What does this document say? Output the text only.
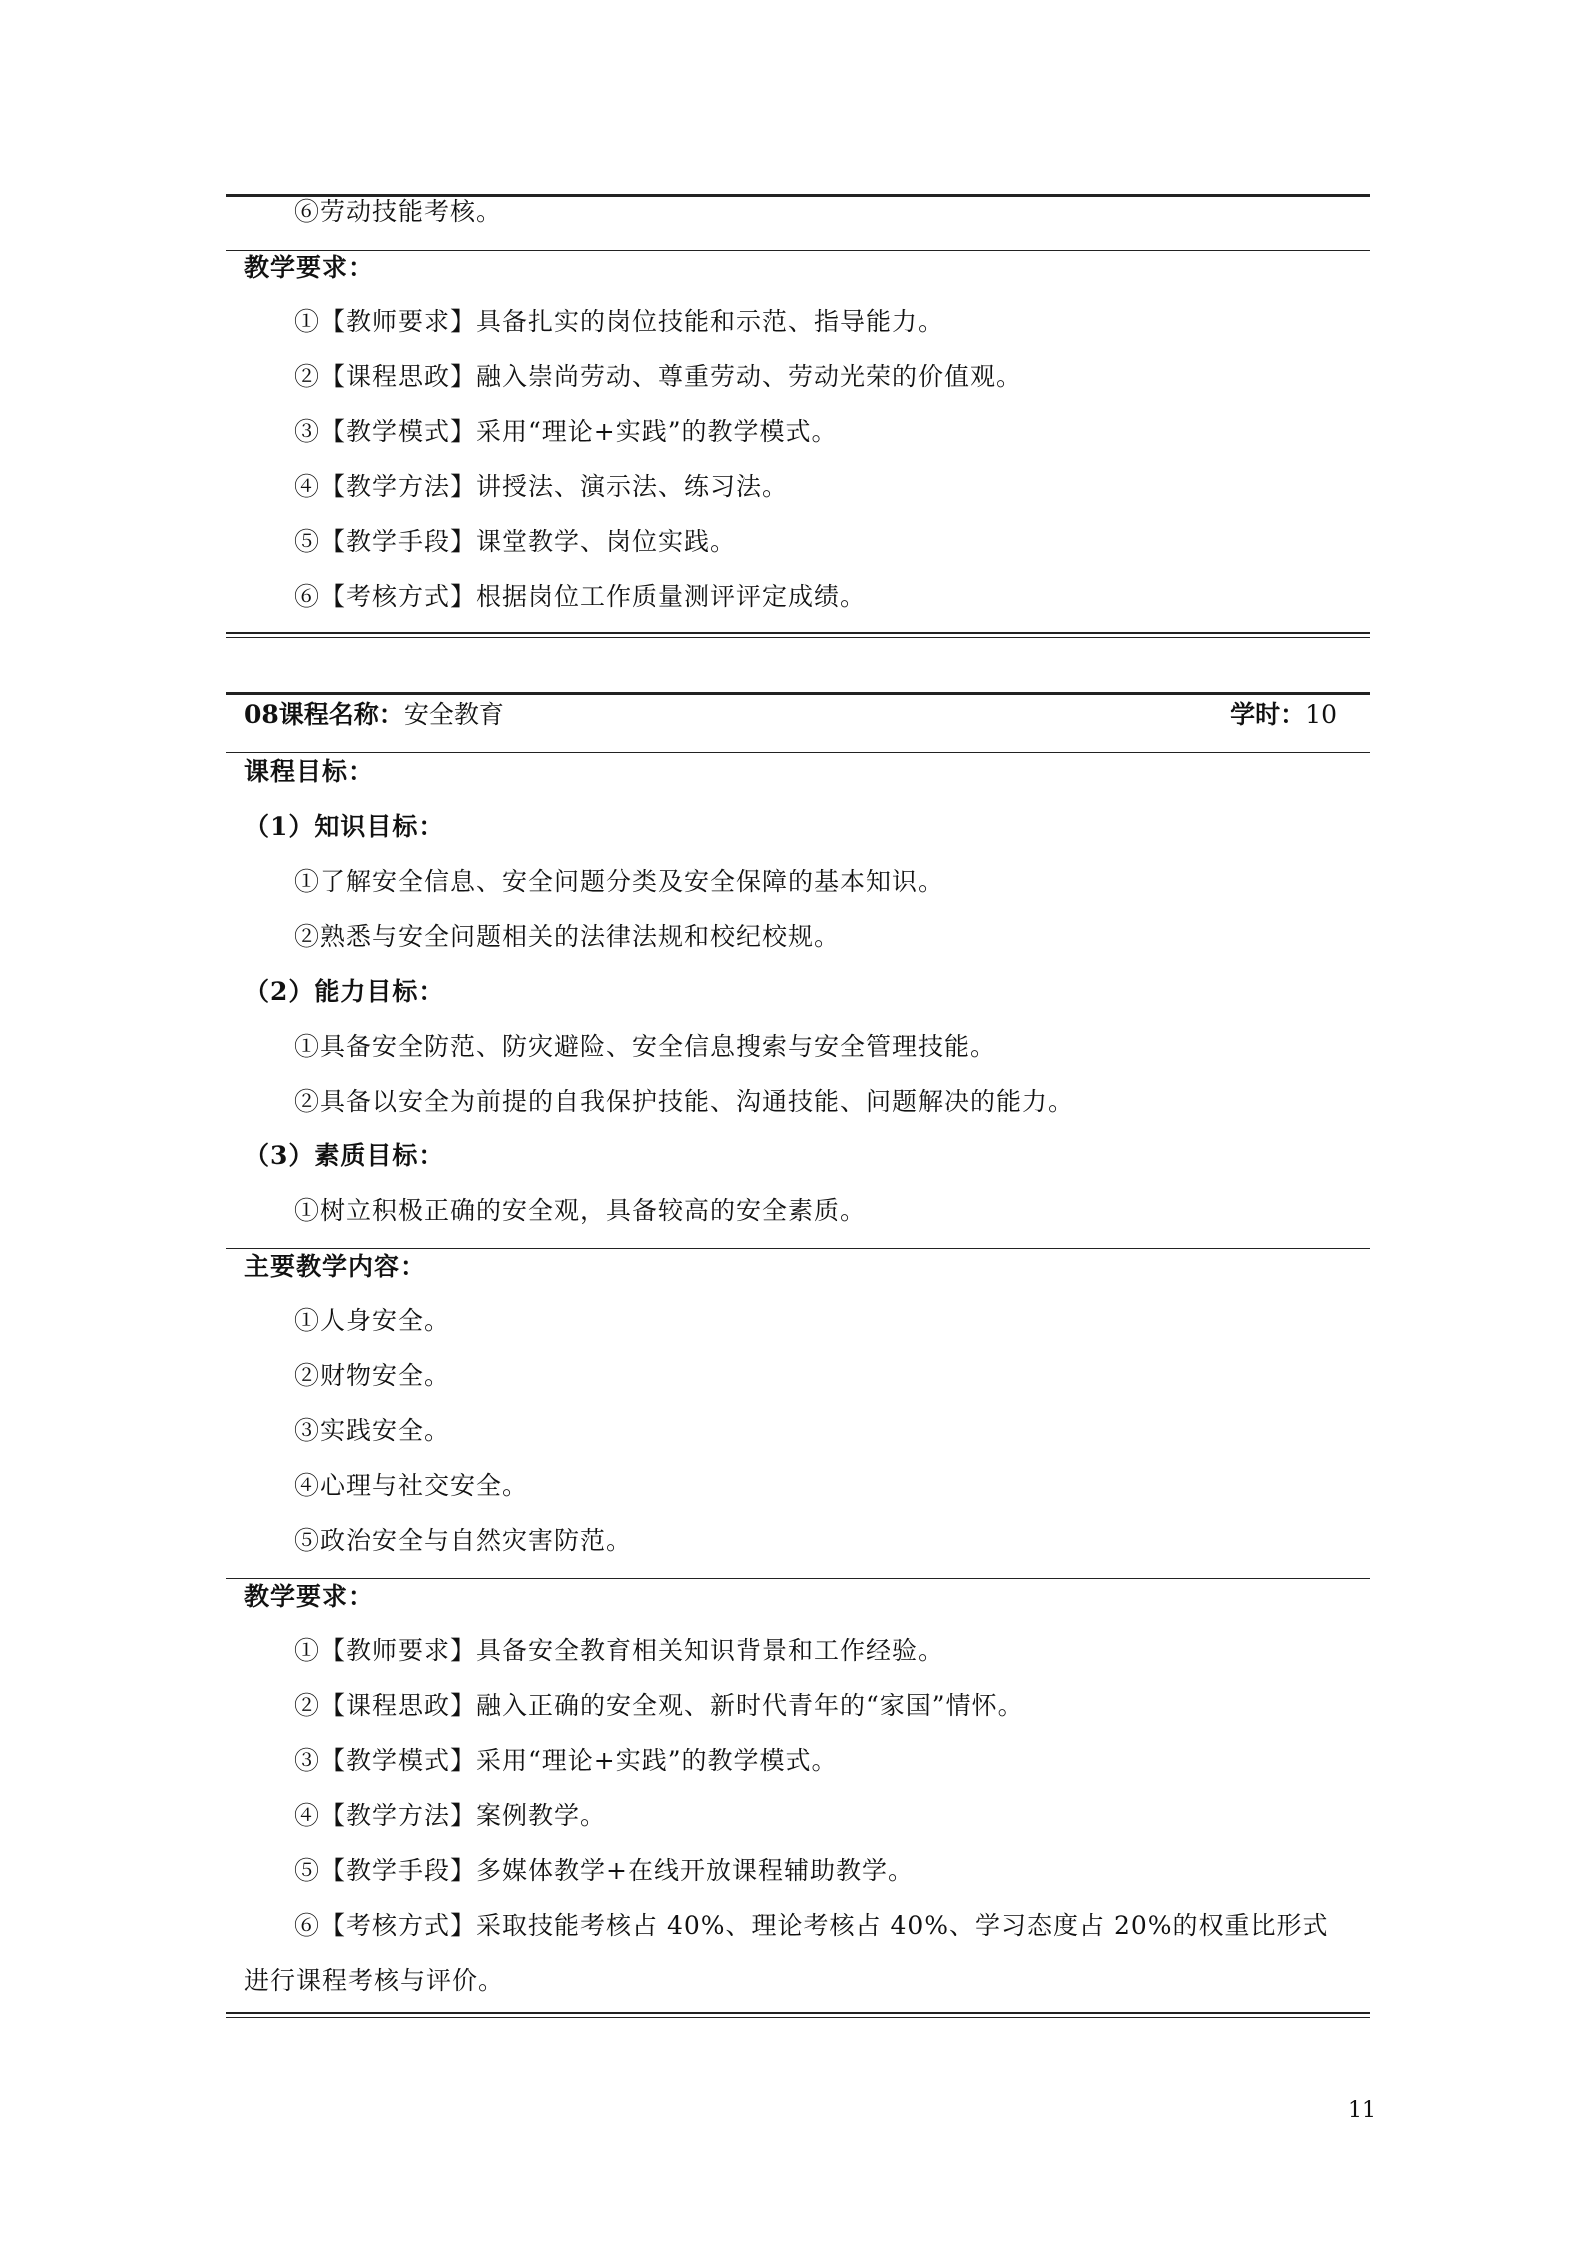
⑥劳动技能考核。
教学要求：
①【教师要求】具备扎实的岗位技能和示范、指导能力。
②【课程思政】融入崇尚劳动、尊重劳动、劳动光荣的价值观。
③【教学模式】采用“理论+实践”的教学模式。
④【教学方法】讲授法、演示法、练习法。
⑤【教学手段】课堂教学、岗位实践。
⑥【考核方式】根据岗位工作质量测评评定成绩。
08课程名称：安全教育	学时：10
课程目标：
（1）知识目标：
①了解安全信息、安全问题分类及安全保障的基本知识。
②熟悉与安全问题相关的法律法规和校纪校规。
（2）能力目标：
①具备安全防范、防灾避险、安全信息搜索与安全管理技能。
②具备以安全为前提的自我保护技能、沟通技能、问题解决的能力。
（3）素质目标：
①树立积极正确的安全观，具备较高的安全素质。
主要教学内容：
①人身安全。
②财物安全。
③实践安全。
④心理与社交安全。
⑤政治安全与自然灾害防范。
教学要求：
①【教师要求】具备安全教育相关知识背景和工作经验。
②【课程思政】融入正确的安全观、新时代青年的“家国”情怀。
③【教学模式】采用“理论+实践”的教学模式。
④【教学方法】案例教学。
⑤【教学手段】多媒体教学+在线开放课程辅助教学。
⑥【考核方式】采取技能考核占 40%、理论考核占 40%、学习态度占 20%的权重比形式
进行课程考核与评价。
11
